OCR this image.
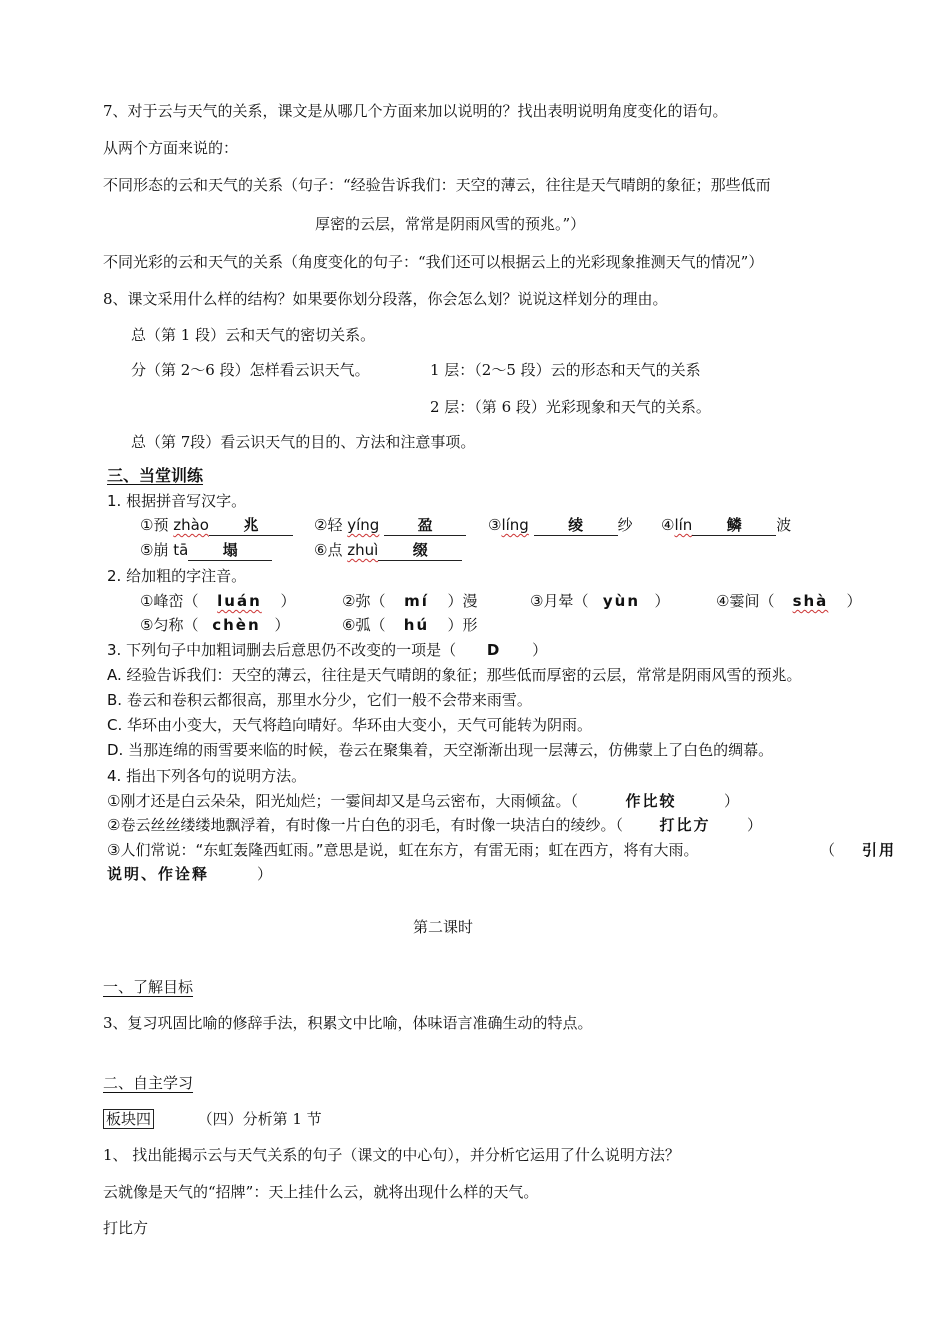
7、对于云与天气的关系，课文是从哪几个方面来加以说明的？找出表明说明角度变化的语句。
从两个方面来说的：
不同形态的云和天气的关系（句子：“经验告诉我们：天空的薄云，往往是天气晴朗的象征；那些低而
厚密的云层，常常是阴雨风雪的预兆。”）
不同光彩的云和天气的关系（角度变化的句子：“我们还可以根据云上的光彩现象推测天气的情况”）
8、课文采用什么样的结构？如果要你划分段落，你会怎么划？说说这样划分的理由。
总（第 1 段）云和天气的密切关系。
分（第 2～6 段）怎样看云识天气。	1 层：（2～5 段）云的形态和天气的关系
2 层：（第 6 段）光彩现象和天气的关系。
总（第 7段）看云识天气的目的、方法和注意事项。
三、当堂训练
1. 根据拼音写汉字。
①预 zhào 兆	②轻 yíng	盈	③líng	绫 纱 ④lín 鳞 波
⑤崩 tā 塌	⑥点 zhuì 缀
2. 给加粗的字注音。
①峰峦（ luán ）	②弥（ mí ）漫	③月晕（ yùn ）	④霎间（ shà ）
⑤匀称（ chèn ）	⑥弧（ hú ）形
3. 下列句子中加粗词删去后意思仍不改变的一项是（ D ）
A. 经验告诉我们：天空的薄云，往往是天气晴朗的象征；那些低而厚密的云层，常常是阴雨风雪的预兆。
B. 卷云和卷积云都很高，那里水分少，它们一般不会带来雨雪。
C. 华环由小变大，天气将趋向晴好。华环由大变小，天气可能转为阴雨。
D. 当那连绵的雨雪要来临的时候，卷云在聚集着，天空渐渐出现一层薄云，仿佛蒙上了白色的绸幕。
4. 指出下列各句的说明方法。
①刚才还是白云朵朵，阳光灿烂；一霎间却又是乌云密布，大雨倾盆。（	作比较	）
②卷云丝丝缕缕地飘浮着，有时像一片白色的羽毛，有时像一块洁白的绫纱。（ 打比方 ）
③人们常说：“东虹轰隆西虹雨。”意思是说，虹在东方，有雷无雨；虹在西方，将有大雨。	（ 引用
说明、作诠释	）
第二课时
一、了解目标
3、复习巩固比喻的修辞手法，积累文中比喻，体味语言准确生动的特点。
二、自主学习
板块四	（四）分析第 1 节
1、 找出能揭示云与天气关系的句子（课文的中心句），并分析它运用了什么说明方法？
云就像是天气的“招牌”：天上挂什么云，就将出现什么样的天气。
打比方
